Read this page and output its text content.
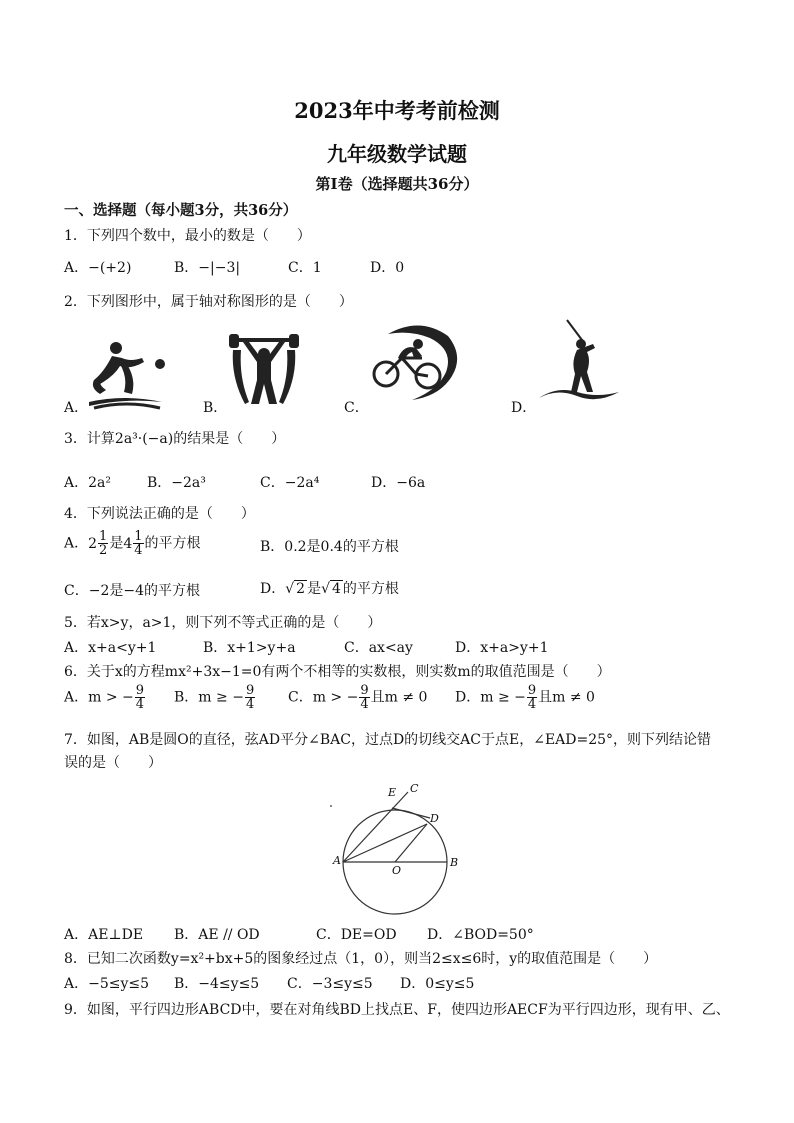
2023年中考考前检测
九年级数学试题
第Ⅰ卷（选择题共36分）
一、选择题（每小题3分，共36分）
1．下列四个数中，最小的数是（　　）
A．−(+2)	B．−|−3|	C．1	D．0
2．下列图形中，属于轴对称图形的是（　　）
A．	B．	C．	D．
3．计算2a³·(−a)的结果是（　　）
A．2a²	B．−2a³	C．−2a⁴	D．−6a
4．下列说法正确的是（　　）
A． $2 \frac{1}{2}$ 是 $4 \frac{1}{4}$ 的平方根	B．0.2是0.4的平方根
C．−2是−4的平方根	D．√ 2 是√ 4 的平方根
5．若x>y，a>1，则下列不等式正确的是（　　）
A．x+a<y+1	B．x+1>y+a	C．ax<ay	D．x+a>y+1
6．关于x的方程mx²+3x−1=0有两个不相等的实数根，则实数m的取值范围是（　　）
A．m > − $\frac{9}{4}$ B．m ≥ − $\frac{9}{4}$ C．m > − $\frac{9}{4}$ 且m ≠ 0 D．m ≥ − $\frac{9}{4}$ 且m ≠ 0
7．如图，AB是圆O的直径，弦AD平分∠BAC，过点D的切线交AC于点E，∠EAD=25°，则下列结论错
误的是（　　）
E C
D
A	B
O
A．AE⊥DE B．AE // OD	C．DE=OD D．∠BOD=50°
8．已知二次函数y=x²+bx+5的图象经过点（1，0），则当2≤x≤6时，y的取值范围是（　　）
A．−5≤y≤5 B．−4≤y≤5 C．−3≤y≤5 D．0≤y≤5
9．如图，平行四边形ABCD中，要在对角线BD上找点E、F，使四边形AECF为平行四边形，现有甲、乙、
